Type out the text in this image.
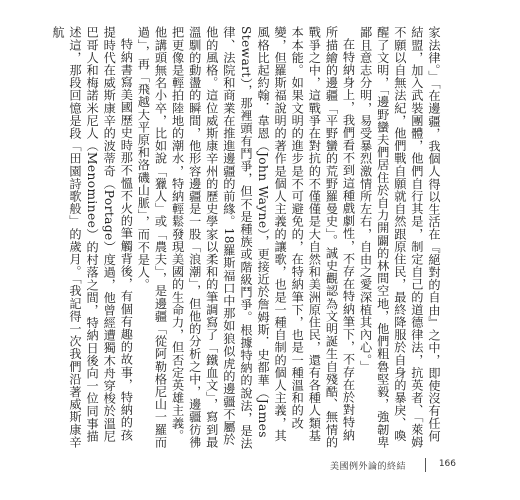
家法律。」「在邊疆，我個人得以生活在『絕對的自由』之中，即使沒有任何結盟，加入武裝團體，他們自行其是，制定自己的道德律法，抗英者、「萊姆不願以自無法紀，他們戰自願就自然跟原住民，最終降服於自身的暴戾、喚醒了文明，「邊野蠻夫們居住於自力開闢的林間空地，他們粗魯堅毅，強韌卑鄙且意志分明，易受暴烈激情所左右，自由之愛深植其內心。」

在特納身上，我們看不到這種戲劇性，不存在特納筆下，不存在於對特納所描繪的邊疆「平野蠻的荒野羅曼史」。誠史觀認為文明誕生自殘酷、無情的戰爭之中，這戰爭在對抗的不僅僅是大自然和美洲原住民，還有各種人類基本本能。如果文明的進步是不可避免的，在特納筆下，也是一種溫和的改變，但羅斯福說明的著作是個人主義的讓歌，也是一種自制的個人主義，其風格比起約翰．韋恩（John Wayne），更接近於詹姆斯．史都華（James Stewart），那裡頭有鬥爭，但不是種族或階級鬥爭。根據特納的說法，是法律、法院和商業在推進邊疆的前緣。18羅斯福口中那如狼似虎的邊疆不屬於他的風格。這位威斯康辛州的歷史學家以柔和的筆調寫了「鐵血文」，寫到最溫馴的動盪的瞬間，他形容邊疆是一股「浪潮」，但他的分析之中，邊疆彷彿把更像是輕拍陸地的潮水，特納輕鬆發現美國的生命力，但否定英雄主義。他講頭無名小卒，比如說「獵人」或「農夫」，是邊疆「從阿勒格尼山一羅而過」，再「飛越大平原和洛磯山脈」，而不是人。

特納書寫美國歷史時那不慍不火的筆觸背後，有個有趣的故事，特納的孩提時代在威斯康辛的波蒂奇（Portage）度過，他曾經遭獨木舟穿梭於溫尼巴哥人和梅諾米尼人（Menominee）的村落之間，特納日後向一位同事描述這，那段回憶是段「田園詩歌般」的歲月。「我記得一次我們沿著威斯康辛航

美國例外論的終結	166
